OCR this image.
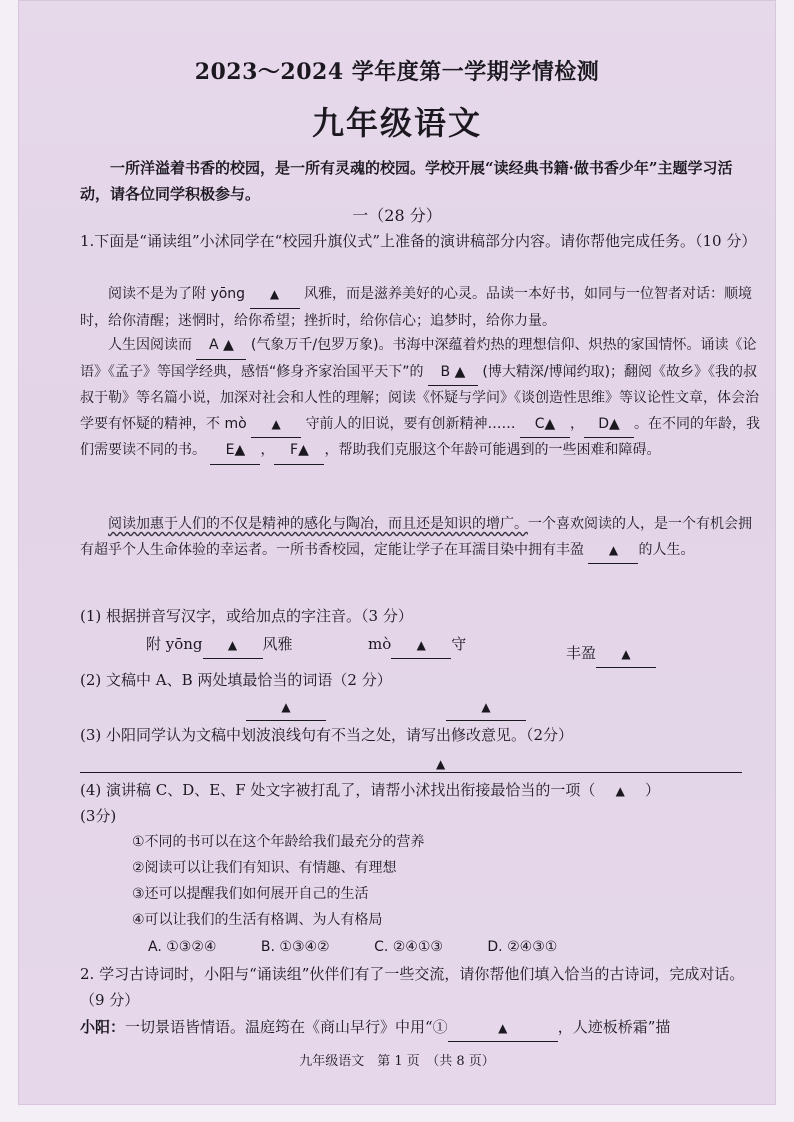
2023～2024 学年度第一学期学情检测
九年级语文
一所洋溢着书香的校园，是一所有灵魂的校园。学校开展“读经典书籍·做书香少年”主题学习活动，请各位同学积极参与。
一（28 分）
1.下面是“诵读组”小沭同学在“校园升旗仪式”上准备的演讲稿部分内容。请你帮他完成任务。（10 分）
阅读不是为了附 yōng ▲ 风雅，而是滋养美好的心灵。品读一本好书，如同与一位智者对话：顺境时，给你清醒；迷惘时，给你希望；挫折时，给你信心；追梦时，给你力量。
人生因阅读而 A ▲ (气象万千/包罗万象)。书海中深蕴着灼热的理想信仰、炽热的家国情怀。诵读《论语》《孟子》等国学经典，感悟“修身齐家治国平天下”的 B ▲ (博大精深/博闻约取)；翻阅《故乡》《我的叔叔于勒》等名篇小说，加深对社会和人性的理解；阅读《怀疑与学问》《谈创造性思维》等议论性文章，体会治学要有怀疑的精神，不 mò ▲ 守前人的旧说，要有创新精神…… C▲ ， D▲ 。在不同的年龄，我们需要读不同的书。 E▲ ， F▲ ，帮助我们克服这个年龄可能遇到的一些困难和障碍。
阅读加惠于人们的不仅是精神的感化与陶冶，而且还是知识的增广。一个喜欢阅读的人，是一个有机会拥有超乎个人生命体验的幸运者。一所书香校园，定能让学子在耳濡目染中拥有丰盈 ▲ 的人生。
(1) 根据拼音写汉字，或给加点的字注音。（3 分）
附 yōng ▲ 风雅	mò ▲ 守	丰盈 ▲
(2) 文稿中 A、B 两处填最恰当的词语（2 分）
▲	▲
(3) 小阳同学认为文稿中划波浪线句有不当之处，请写出修改意见。（2分）
▲
(4) 演讲稿 C、D、E、F 处文字被打乱了，请帮小沭找出衔接最恰当的一项（ ▲ ）
(3分)
①不同的书可以在这个年龄给我们最充分的营养
②阅读可以让我们有知识、有情趣、有理想
③还可以提醒我们如何展开自己的生活
④可以让我们的生活有格调、为人有格局
A. ①③②④	B. ①③④②	C. ②④①③	D. ②④③①
2. 学习古诗词时，小阳与“诵读组”伙伴们有了一些交流，请你帮他们填入恰当的古诗词，完成对话。（9 分）
小阳：一切景语皆情语。温庭筠在《商山早行》中用“①	▲	，人迹板桥霜”描
九年级语文　第 1 页　（共 8 页）
